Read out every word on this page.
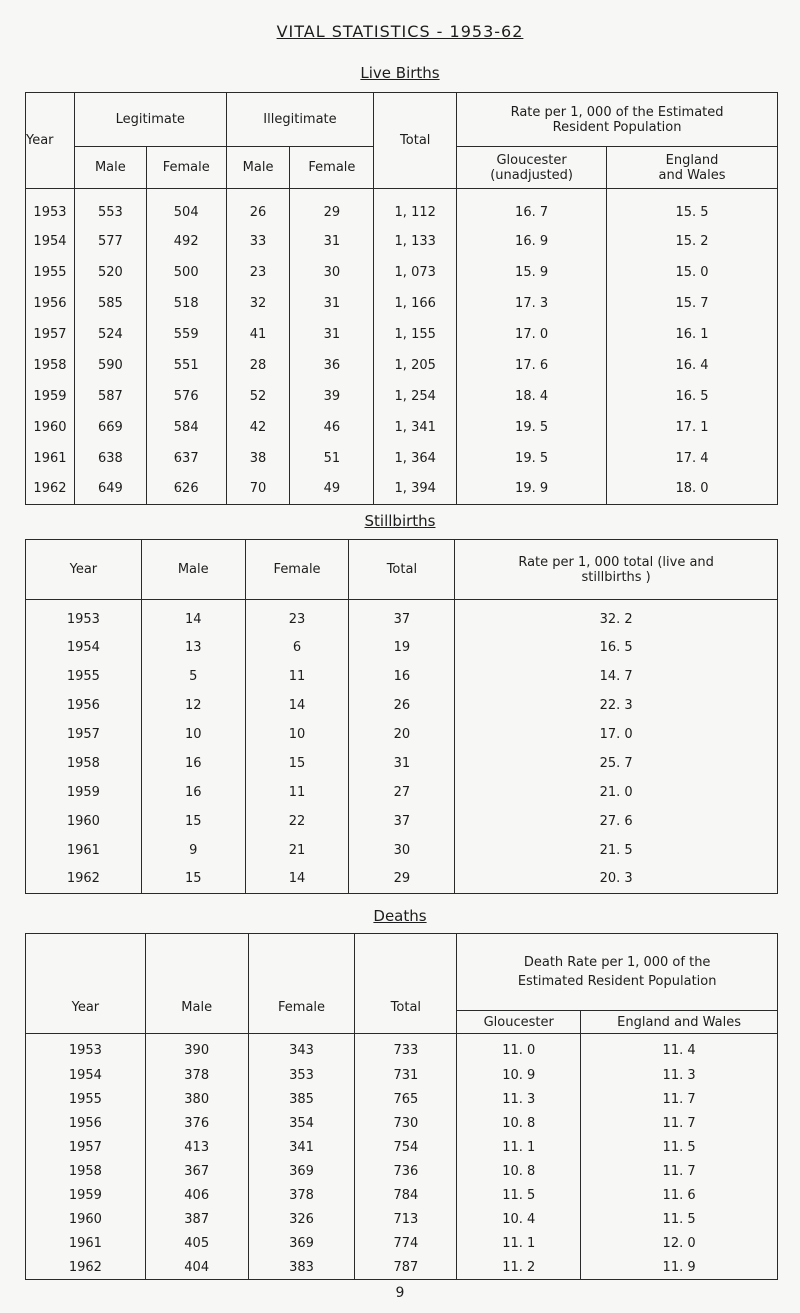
VITAL STATISTICS - 1953-62
Live Births
Year	Legitimate		Illegitimate		Total	Rate per 1, 000 of the Estimated Resident Population	
	Male	Female	Male	Female		Gloucester (unadjusted)	England and Wales
1953	553	504	26	29	1, 112	16. 7	15. 5
1954	577	492	33	31	1, 133	16. 9	15. 2
1955	520	500	23	30	1, 073	15. 9	15. 0
1956	585	518	32	31	1, 166	17. 3	15. 7
1957	524	559	41	31	1, 155	17. 0	16. 1
1958	590	551	28	36	1, 205	17. 6	16. 4
1959	587	576	52	39	1, 254	18. 4	16. 5
1960	669	584	42	46	1, 341	19. 5	17. 1
1961	638	637	38	51	1, 364	19. 5	17. 4
1962	649	626	70	49	1, 394	19. 9	18. 0
Stillbirths
Year	Male	Female	Total	Rate per 1, 000 total (live and stillbirths )
1953	14	23	37	32. 2
1954	13	6	19	16. 5
1955	5	11	16	14. 7
1956	12	14	26	22. 3
1957	10	10	20	17. 0
1958	16	15	31	25. 7
1959	16	11	27	21. 0
1960	15	22	37	27. 6
1961	9	21	30	21. 5
1962	15	14	29	20. 3
Deaths
Year	Male	Female	Total	Death Rate per 1, 000 of the Estimated Resident Population	
				Gloucester	England and Wales
1953	390	343	733	11. 0	11. 4
1954	378	353	731	10. 9	11. 3
1955	380	385	765	11. 3	11. 7
1956	376	354	730	10. 8	11. 7
1957	413	341	754	11. 1	11. 5
1958	367	369	736	10. 8	11. 7
1959	406	378	784	11. 5	11. 6
1960	387	326	713	10. 4	11. 5
1961	405	369	774	11. 1	12. 0
1962	404	383	787	11. 2	11. 9
9
